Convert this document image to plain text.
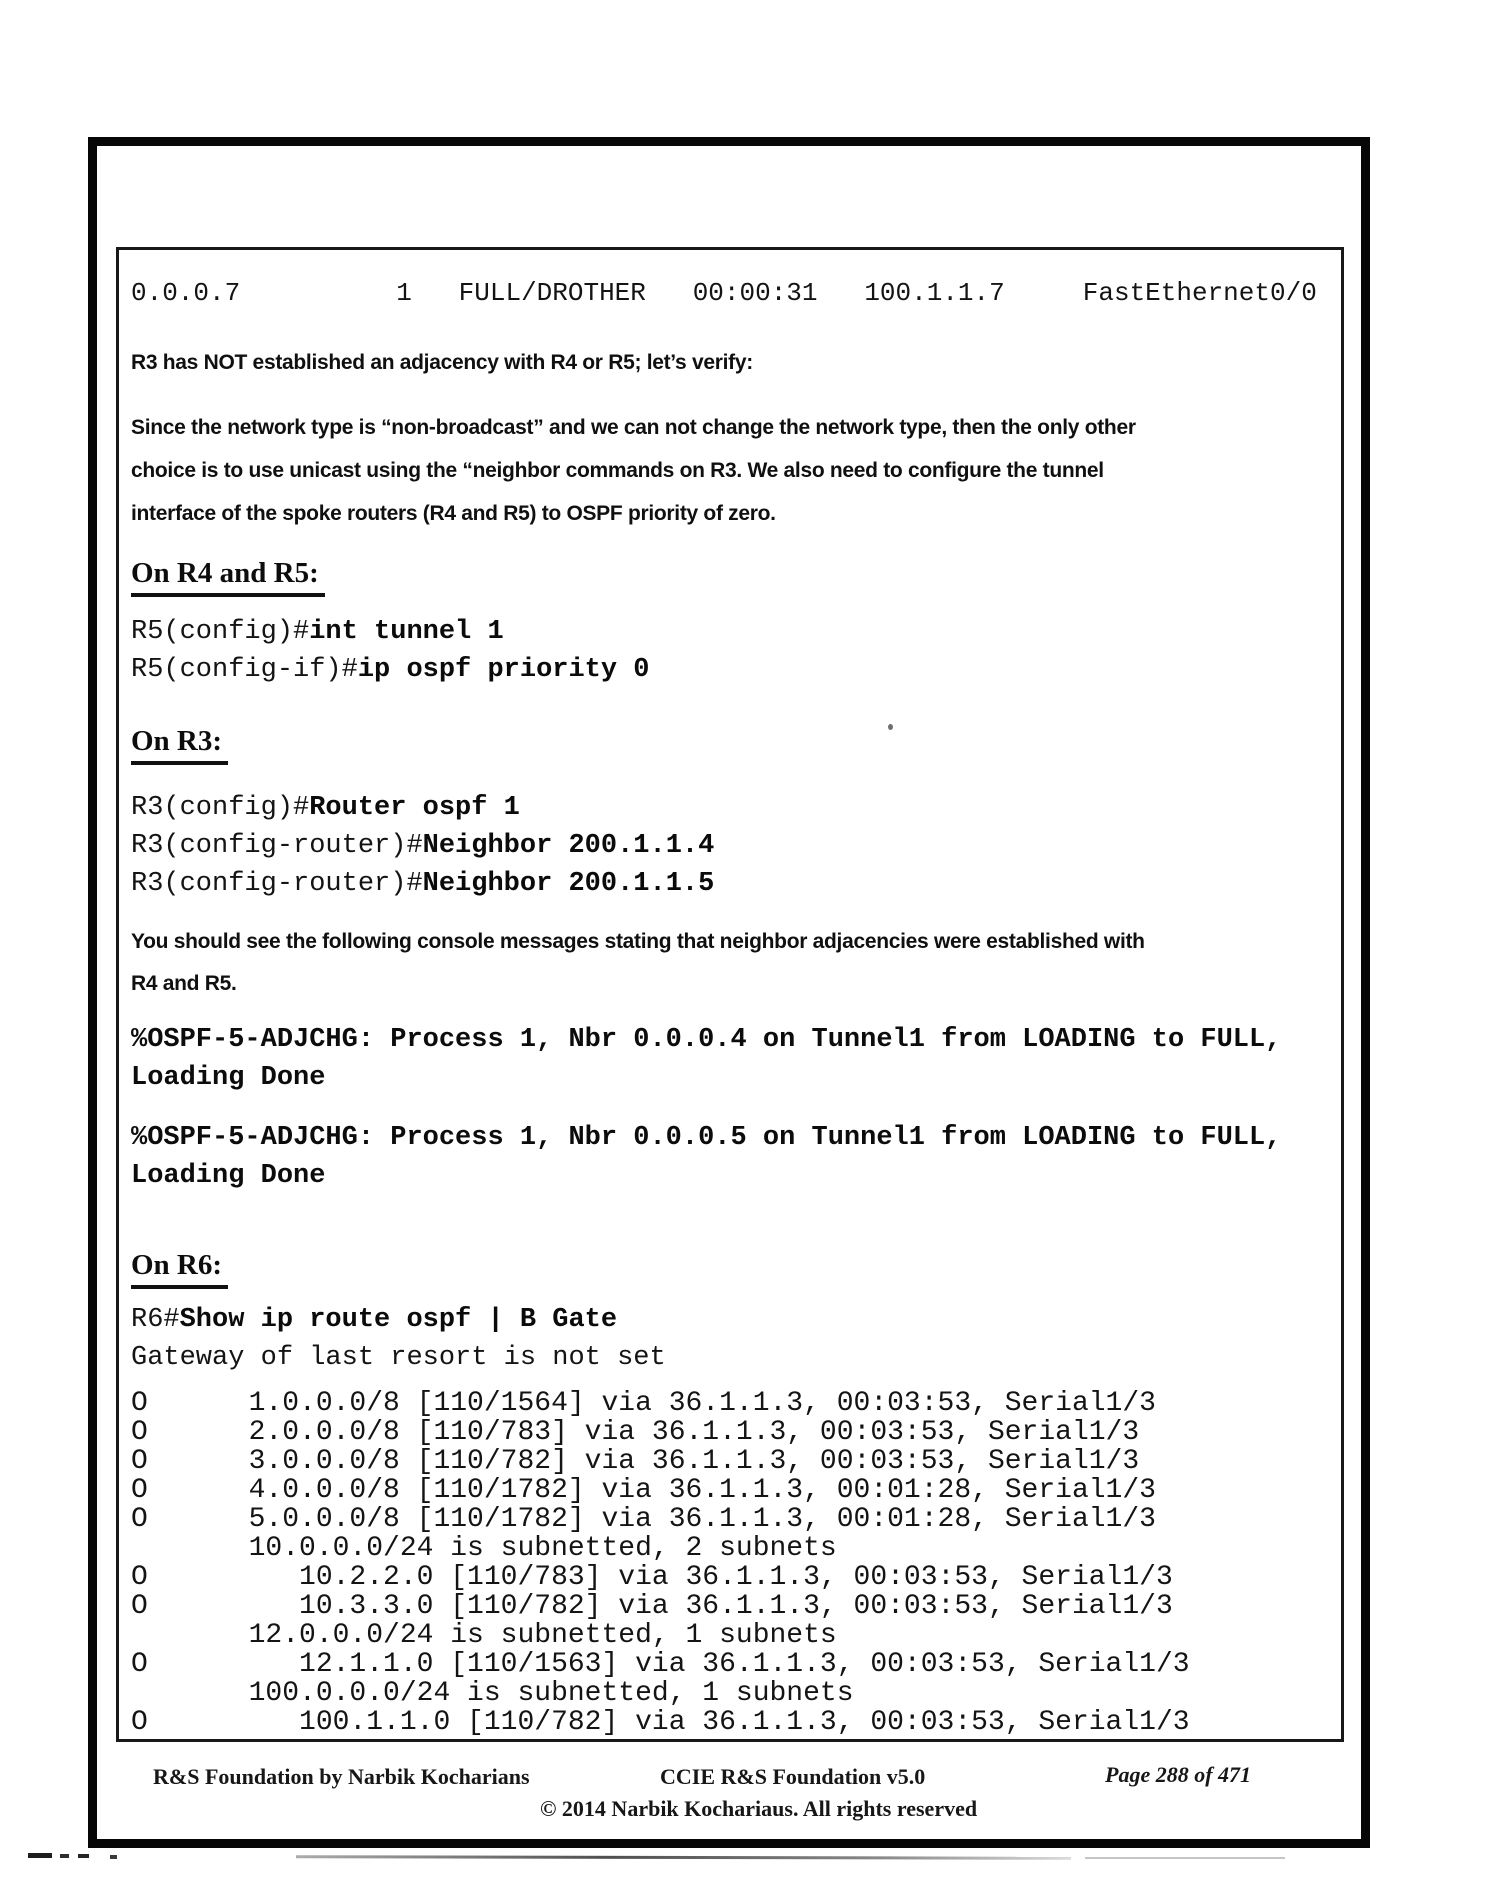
0.0.0.7          1   FULL/DROTHER   00:00:31   100.1.1.7     FastEthernet0/0
R3 has NOT established an adjacency with R4 or R5; let’s verify:
Since the network type is “non-broadcast” and we can not change the network type, then the only other
choice is to use unicast using the “neighbor commands on R3. We also need to configure the tunnel
interface of the spoke routers (R4 and R5) to OSPF priority of zero.
On R4 and R5:
R5(config)#int tunnel 1
R5(config-if)#ip ospf priority 0
On R3:
R3(config)#Router ospf 1
R3(config-router)#Neighbor 200.1.1.4
R3(config-router)#Neighbor 200.1.1.5
You should see the following console messages stating that neighbor adjacencies were established with
R4 and R5.
%OSPF-5-ADJCHG: Process 1, Nbr 0.0.0.4 on Tunnel1 from LOADING to FULL,
Loading Done
%OSPF-5-ADJCHG: Process 1, Nbr 0.0.0.5 on Tunnel1 from LOADING to FULL,
Loading Done
On R6:
R6#Show ip route ospf | B Gate
Gateway of last resort is not set
O      1.0.0.0/8 [110/1564] via 36.1.1.3, 00:03:53, Serial1/3
O      2.0.0.0/8 [110/783] via 36.1.1.3, 00:03:53, Serial1/3
O      3.0.0.0/8 [110/782] via 36.1.1.3, 00:03:53, Serial1/3
O      4.0.0.0/8 [110/1782] via 36.1.1.3, 00:01:28, Serial1/3
O      5.0.0.0/8 [110/1782] via 36.1.1.3, 00:01:28, Serial1/3
10.0.0.0/24 is subnetted, 2 subnets
O         10.2.2.0 [110/783] via 36.1.1.3, 00:03:53, Serial1/3
O         10.3.3.0 [110/782] via 36.1.1.3, 00:03:53, Serial1/3
12.0.0.0/24 is subnetted, 1 subnets
O         12.1.1.0 [110/1563] via 36.1.1.3, 00:03:53, Serial1/3
100.0.0.0/24 is subnetted, 1 subnets
O         100.1.1.0 [110/782] via 36.1.1.3, 00:03:53, Serial1/3
R&S Foundation by Narbik Kocharians	CCIE R&S Foundation v5.0	Page 288 of 471
© 2014 Narbik Kochariaus. All rights reserved
